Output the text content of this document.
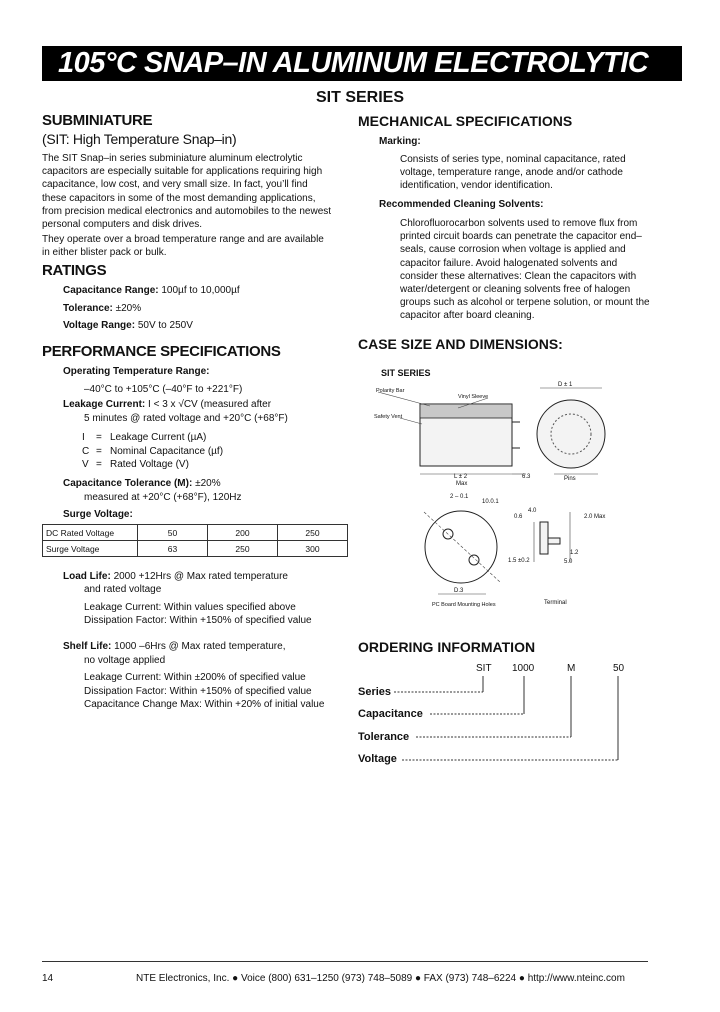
105°C SNAP–IN ALUMINUM ELECTROLYTIC
SIT SERIES
SUBMINIATURE
(SIT: High Temperature Snap–in)
The SIT Snap–in series subminiature aluminum electrolytic capacitors are especially suitable for applications requiring high capacitance, low cost, and very small size. In fact, you’ll find these capacitors in some of the most demanding applications, from precision medical electronics and automobiles to the newest personal computers and disk drives.
They operate over a broad temperature range and are available in either blister pack or bulk.
RATINGS
Capacitance Range: 100µf to 10,000µf
Tolerance: ±20%
Voltage Range: 50V to 250V
PERFORMANCE SPECIFICATIONS
Operating Temperature Range:
–40°C to +105°C (–40°F to +221°F)
Leakage Current: I < 3 x √CV (measured after
5 minutes @ rated voltage and +20°C (+68°F)
I = Leakage Current (µA)
C = Nominal Capacitance (µf)
V = Rated Voltage (V)
Capacitance Tolerance (M): ±20%
measured at +20°C (+68°F), 120Hz
Surge Voltage:
DC Rated Voltage	50	200	250
Surge Voltage	63	250	300
Load Life: 2000 +12Hrs @ Max rated temperature
and rated voltage
Leakage Current: Within values specified above
Dissipation Factor: Within +150% of specified value
Shelf Life: 1000 –6Hrs @ Max rated temperature,
no voltage applied
Leakage Current: Within ±200% of specified value
Dissipation Factor: Within +150% of specified value
Capacitance Change Max: Within +20% of initial value
MECHANICAL SPECIFICATIONS
Marking:
Consists of series type, nominal capacitance, rated voltage, temperature range, anode and/or cathode identification, vendor identification.
Recommended Cleaning Solvents:
Chlorofluorocarbon solvents used to remove flux from printed circuit boards can penetrate the capacitor end–seals, cause corrosion when voltage is applied and capacitor failure. Avoid halogenated solvents and consider these alternatives: Clean the capacitors with water/detergent or cleaning solvents free of halogen groups such as alcohol or terpene solution, or mount the capacitor after board cleaning.
CASE SIZE AND DIMENSIONS:
SIT SERIES
Polarity Bar
Vinyl Sleeve
Safety Vent
L ± 2
Max
6.3
D ± 1
Pins
2 – 0.1
10.0.1
D.3
PC Board Mounting Holes
0.6
4.0
2.0 Max
1.5 ±0.2
1.2
5.0
Terminal
ORDERING INFORMATION
SIT 1000	M	50
Series
Capacitance
Tolerance
Voltage
14	NTE Electronics, Inc. ● Voice (800) 631–1250 (973) 748–5089 ● FAX (973) 748–6224 ● http://www.nteinc.com
